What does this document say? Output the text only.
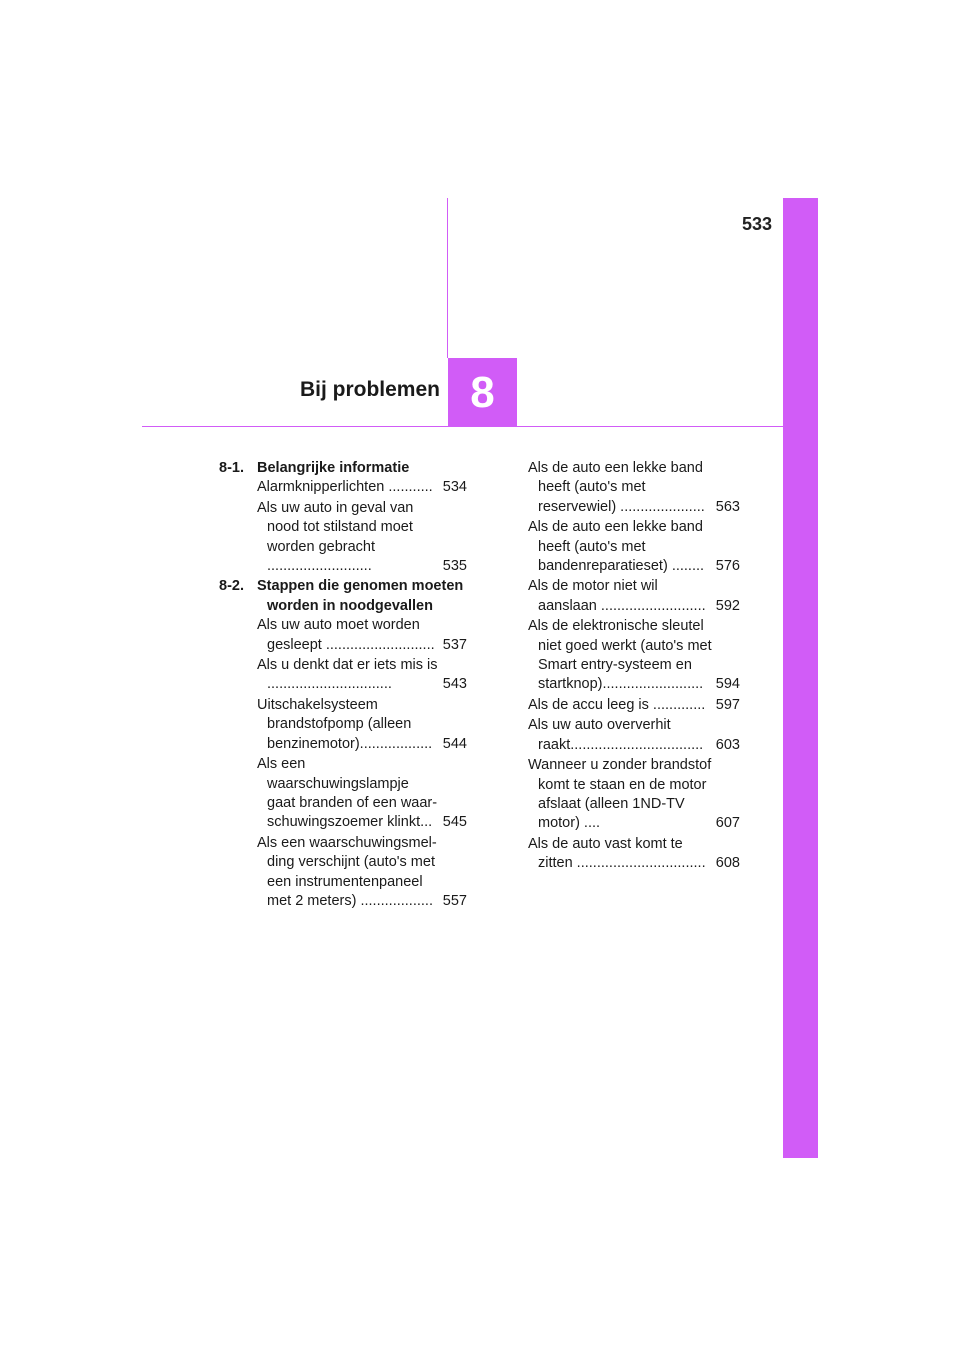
533
8
Bij problemen
8-1. Belangrijke informatie
Alarmknipperlichten ........... 534
Als uw auto in geval van nood tot stilstand moet worden gebracht ..........................	535
8-2. Stappen die genomen moeten worden in noodgevallen
Als uw auto moet worden gesleept ........................... 537
Als u denkt dat er iets mis is ...............................	543
Uitschakelsysteem brandstofpomp (alleen benzinemotor).................. 544
Als een waarschuwingslampje gaat branden of een waar-schuwingszoemer klinkt... 545
Als een waarschuwingsmel-ding verschijnt (auto's met een instrumentenpaneel met 2 meters) .................. 557
Als de auto een lekke band heeft (auto's met reservewiel) ..................... 563
Als de auto een lekke band heeft (auto's met bandenreparatieset) ........ 576
Als de motor niet wil aanslaan .......................... 592
Als de elektronische sleutel niet goed werkt (auto's met Smart entry-systeem en startknop)......................... 594
Als de accu leeg is ............. 597
Als uw auto oververhit raakt................................. 603
Wanneer u zonder brandstof komt te staan en de motor afslaat (alleen 1ND-TV motor) ....	607
Als de auto vast komt te zitten ................................ 608
